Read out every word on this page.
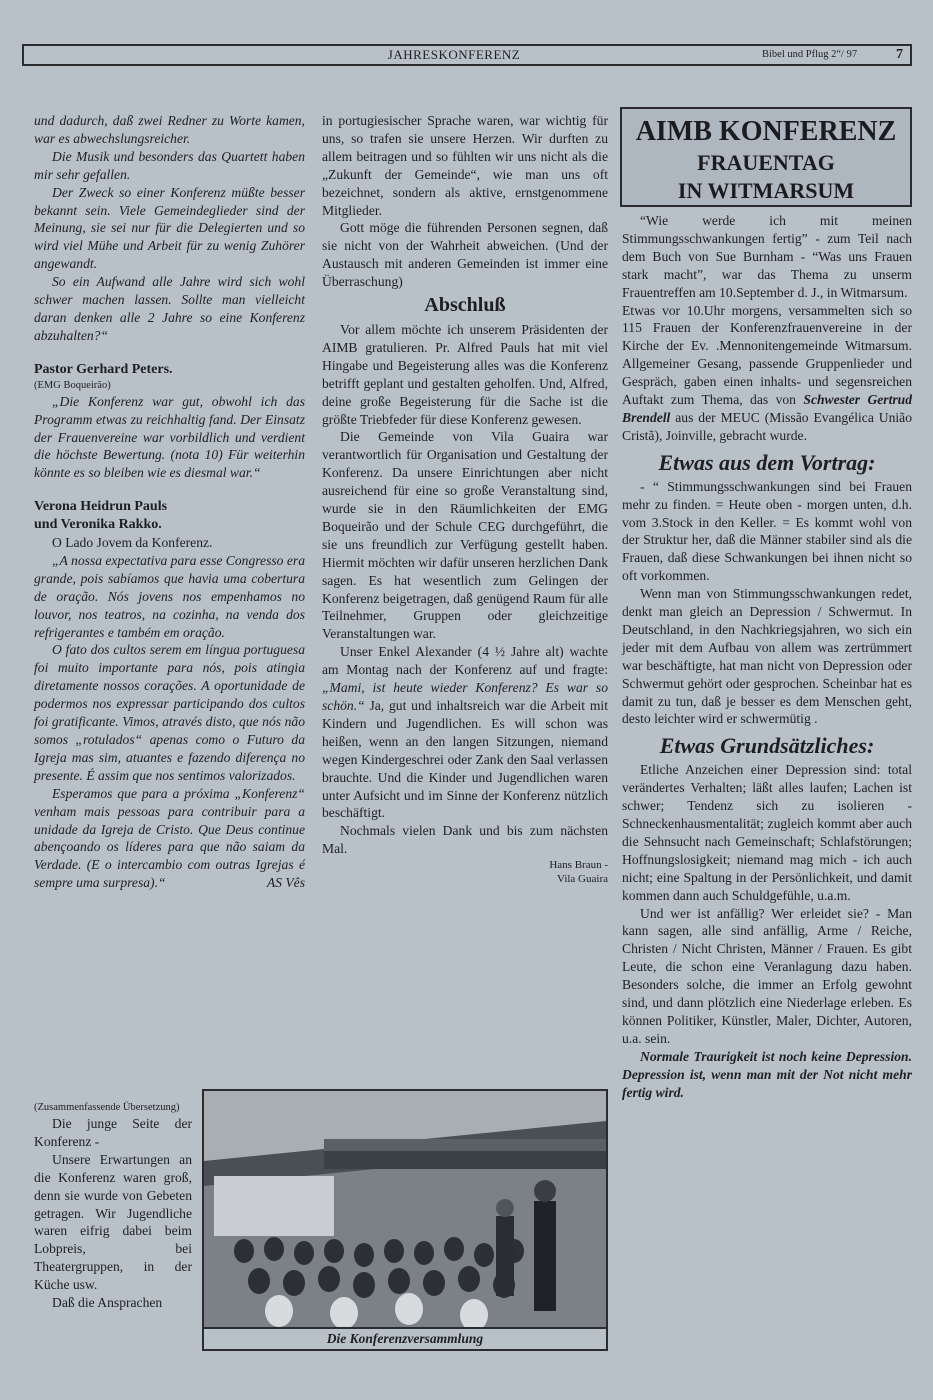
JAHRESKONFERENZ	Bibel und Pflug 2“/ 97	7

und dadurch, daß zwei Redner zu Worte kamen, war es abwechslungsreicher.

Die Musik und besonders das Quartett haben mir sehr gefallen.

Der Zweck so einer Konferenz müßte besser bekannt sein. Viele Gemeindeglieder sind der Meinung, sie sei nur für die Delegierten und so wird viel Mühe und Arbeit für zu wenig Zuhörer angewandt.

So ein Aufwand alle Jahre wird sich wohl schwer machen lassen. Sollte man vielleicht daran denken alle 2 Jahre so eine Konferenz abzuhalten?“

Pastor Gerhard Peters.

(EMG Boqueirão)

„Die Konferenz war gut, obwohl ich das Programm etwas zu reichhaltig fand. Der Einsatz der Frauenvereine war vorbildlich und verdient die höchste Bewertung. (nota 10) Für weiterhin könnte es so bleiben wie es diesmal war.“

Verona Heidrun Pauls

und Veronika Rakko.

O Lado Jovem da Konferenz.

„A nossa expectativa para esse Congresso era grande, pois sabíamos que havia uma cobertura de oração. Nós jovens nos empenhamos no louvor, nos teatros, na cozinha, na venda dos refrigerantes e também em oração.

O fato dos cultos serem em língua portuguesa foi muito importante para nós, pois atingia diretamente nossos corações. A oportunidade de podermos nos expressar participando dos cultos foi gratificante. Vimos, através disto, que nós não somos „rotulados“ apenas como o Futuro da Igreja mas sim, atuantes e fazendo diferença no presente. É assim que nos sentimos valorizados.

Esperamos que para a próxima „Konferenz“ venham mais pessoas para contribuir para a unidade da Igreja de Cristo. Que Deus continue abençoando os líderes para que não saiam da Verdade. (E o intercambio com outras Igrejas é sempre uma surpresa).“	AS Vês

(Zusammenfassende Übersetzung)

Die junge Seite der Konferenz -

Unsere Erwartungen an die Konferenz waren groß, denn sie wurde von Gebeten getragen. Wir Jugendliche waren eifrig dabei beim Lobpreis, bei Theatergruppen, in der Küche usw.

Daß die Ansprachen

in portugiesischer Sprache waren, war wichtig für uns, so trafen sie unsere Herzen. Wir durften zu allem beitragen und so fühlten wir uns nicht als die „Zukunft der Gemeinde“, wie man uns oft bezeichnet, sondern als aktive, ernstgenommene Mitglieder.

Gott möge die führenden Personen segnen, daß sie nicht von der Wahrheit abweichen. (Und der Austausch mit anderen Gemeinden ist immer eine Überraschung)

Abschluß

Vor allem möchte ich unserem Präsidenten der AIMB gratulieren. Pr. Alfred Pauls hat mit viel Hingabe und Begeisterung alles was die Konferenz betrifft geplant und gestalten geholfen. Und, Alfred, deine große Begeisterung für die Sache ist die größte Triebfeder für diese Konferenz gewesen.

Die Gemeinde von Vila Guaira war verantwortlich für Organisation und Gestaltung der Konferenz. Da unsere Einrichtungen aber nicht ausreichend für eine so große Veranstaltung sind, wurde sie in den Räumlichkeiten der EMG Boqueirão und der Schule CEG durchgeführt, die sie uns freundlich zur Verfügung gestellt haben. Hiermit möchten wir dafür unseren herzlichen Dank sagen. Es hat wesentlich zum Gelingen der Konferenz beigetragen, daß genügend Raum für alle Teilnehmer, Gruppen oder gleichzeitige Veranstaltungen war.

Unser Enkel Alexander (4 ½ Jahre alt) wachte am Montag nach der Konferenz auf und fragte: „Mami, ist heute wieder Konferenz? Es war so schön.“ Ja, gut und inhaltsreich war die Arbeit mit Kindern und Jugendlichen. Es will schon was heißen, wenn an den langen Sitzungen, niemand wegen Kindergeschrei oder Zank den Saal verlassen brauchte. Und die Kinder und Jugendlichen waren unter Aufsicht und im Sinne der Konferenz nützlich beschäftigt.

Nochmals vielen Dank und bis zum nächsten Mal.

Hans Braun -

Vila Guaira

AIMB KONFERENZ
FRAUENTAG
IN WITMARSUM

“Wie werde ich mit meinen Stimmungsschwankungen fertig” - zum Teil nach dem Buch von Sue Burnham - “Was uns Frauen stark macht”, war das Thema zu unserm Frauentreffen am 10.September d. J., in Witmarsum.

Etwas vor 10.Uhr morgens, versammelten sich so 115 Frauen der Konferenzfrauenvereine in der Kirche der Ev. .Mennonitengemeinde Witmarsum. Allgemeiner Gesang, passende Gruppenlieder und Gespräch, gaben einen inhalts- und segensreichen Auftakt zum Thema, das von Schwester Gertrud Brendell aus der MEUC (Missão Evangélica União Cristã), Joinville, gebracht wurde.

Etwas aus dem Vortrag:

- “ Stimmungsschwankungen sind bei Frauen mehr zu finden. = Heute oben - morgen unten, d.h. vom 3.Stock in den Keller. = Es kommt wohl von der Struktur her, daß die Männer stabiler sind als die Frauen, daß diese Schwankungen bei ihnen nicht so oft vorkommen.

Wenn man von Stimmungsschwankungen redet, denkt man gleich an Depression / Schwermut. In Deutschland, in den Nachkriegsjahren, wo sich ein jeder mit dem Aufbau von allem was zertrümmert war beschäftigte, hat man nicht von Depression oder Schwermut gehört oder gesprochen. Scheinbar hat es damit zu tun, daß je besser es dem Menschen geht, desto leichter wird er schwermütig .

Etwas Grundsätzliches:

Etliche Anzeichen einer Depression sind: total verändertes Verhalten; läßt alles laufen; Lachen ist schwer; Tendenz sich zu isolieren - Schneckenhausmentalität; zugleich kommt aber auch die Sehnsucht nach Gemeinschaft; Schlafstörungen; Hoffnungslosigkeit; niemand mag mich - ich auch nicht; eine Spaltung in der Persönlichkeit, und damit kommen dann auch Schuldgefühle, u.a.m.

Und wer ist anfällig? Wer erleidet sie? - Man kann sagen, alle sind anfällig, Arme / Reiche, Christen / Nicht Christen, Männer / Frauen. Es gibt Leute, die schon eine Veranlagung dazu haben. Besonders solche, die immer an Erfolg gewohnt sind, und dann plötzlich eine Niederlage erleben. Es können Politiker, Künstler, Maler, Dichter, Autoren, u.a. sein.

Normale Traurigkeit ist noch keine Depression. Depression ist, wenn man mit der Not nicht mehr fertig wird.

Die Konferenzversammlung
